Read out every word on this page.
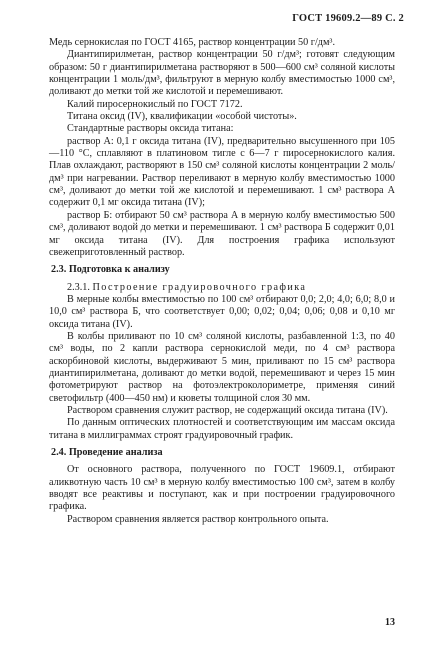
ГОСТ 19609.2—89 С. 2

Медь сернокислая по ГОСТ 4165, раствор концентрации 50 г/дм³.

Диантипирилметан, раствор концентрации 50 г/дм³; готовят следующим образом: 50 г диантипирилметана растворяют в 500—600 см³ соляной кислоты концентрации 1 моль/дм³, фильтруют в мерную колбу вместимостью 1000 см³, доливают до метки той же кислотой и перемешивают.

Калий пиросернокислый по ГОСТ 7172.

Титана оксид (IV), квалификации «особой чистоты».

Стандартные растворы оксида титана:

раствор А: 0,1 г оксида титана (IV), предварительно высушенного при 105—110 °С, сплавляют в платиновом тигле с 6—7 г пиросернокислого калия. Плав охлаждают, растворяют в 150 см³ соляной кислоты концентрации 2 моль/дм³ при нагревании. Раствор переливают в мерную колбу вместимостью 1000 см³, доливают до метки той же кислотой и перемешивают. 1 см³ раствора А содержит 0,1 мг оксида титана (IV);

раствор Б: отбирают 50 см³ раствора А в мерную колбу вместимостью 500 см³, доливают водой до метки и перемешивают. 1 см³ раствора Б содержит 0,01 мг оксида титана (IV). Для построения графика используют свежеприготовленный раствор.

2.3. Подготовка к анализу

2.3.1. Построение градуировочного графика

В мерные колбы вместимостью по 100 см³ отбирают 0,0; 2,0; 4,0; 6,0; 8,0 и 10,0 см³ раствора Б, что соответствует 0,00; 0,02; 0,04; 0,06; 0,08 и 0,10 мг оксида титана (IV).

В колбы приливают по 10 см³ соляной кислоты, разбавленной 1:3, по 40 см³ воды, по 2 капли раствора сернокислой меди, по 4 см³ раствора аскорбиновой кислоты, выдерживают 5 мин, приливают по 15 см³ раствора диантипирилметана, доливают до метки водой, перемешивают и через 15 мин фотометрируют раствор на фотоэлектроколориметре, применяя синий светофильтр (400—450 нм) и кюветы толщиной слоя 30 мм.

Раствором сравнения служит раствор, не содержащий оксида титана (IV).

По данным оптических плотностей и соответствующим им массам оксида титана в миллиграммах строят градуировочный график.

2.4. Проведение анализа

От основного раствора, полученного по ГОСТ 19609.1, отбирают аликвотную часть 10 см³ в мерную колбу вместимостью 100 см³, затем в колбу вводят все реактивы и поступают, как и при построении градуировочного графика.

Раствором сравнения является раствор контрольного опыта.

13
